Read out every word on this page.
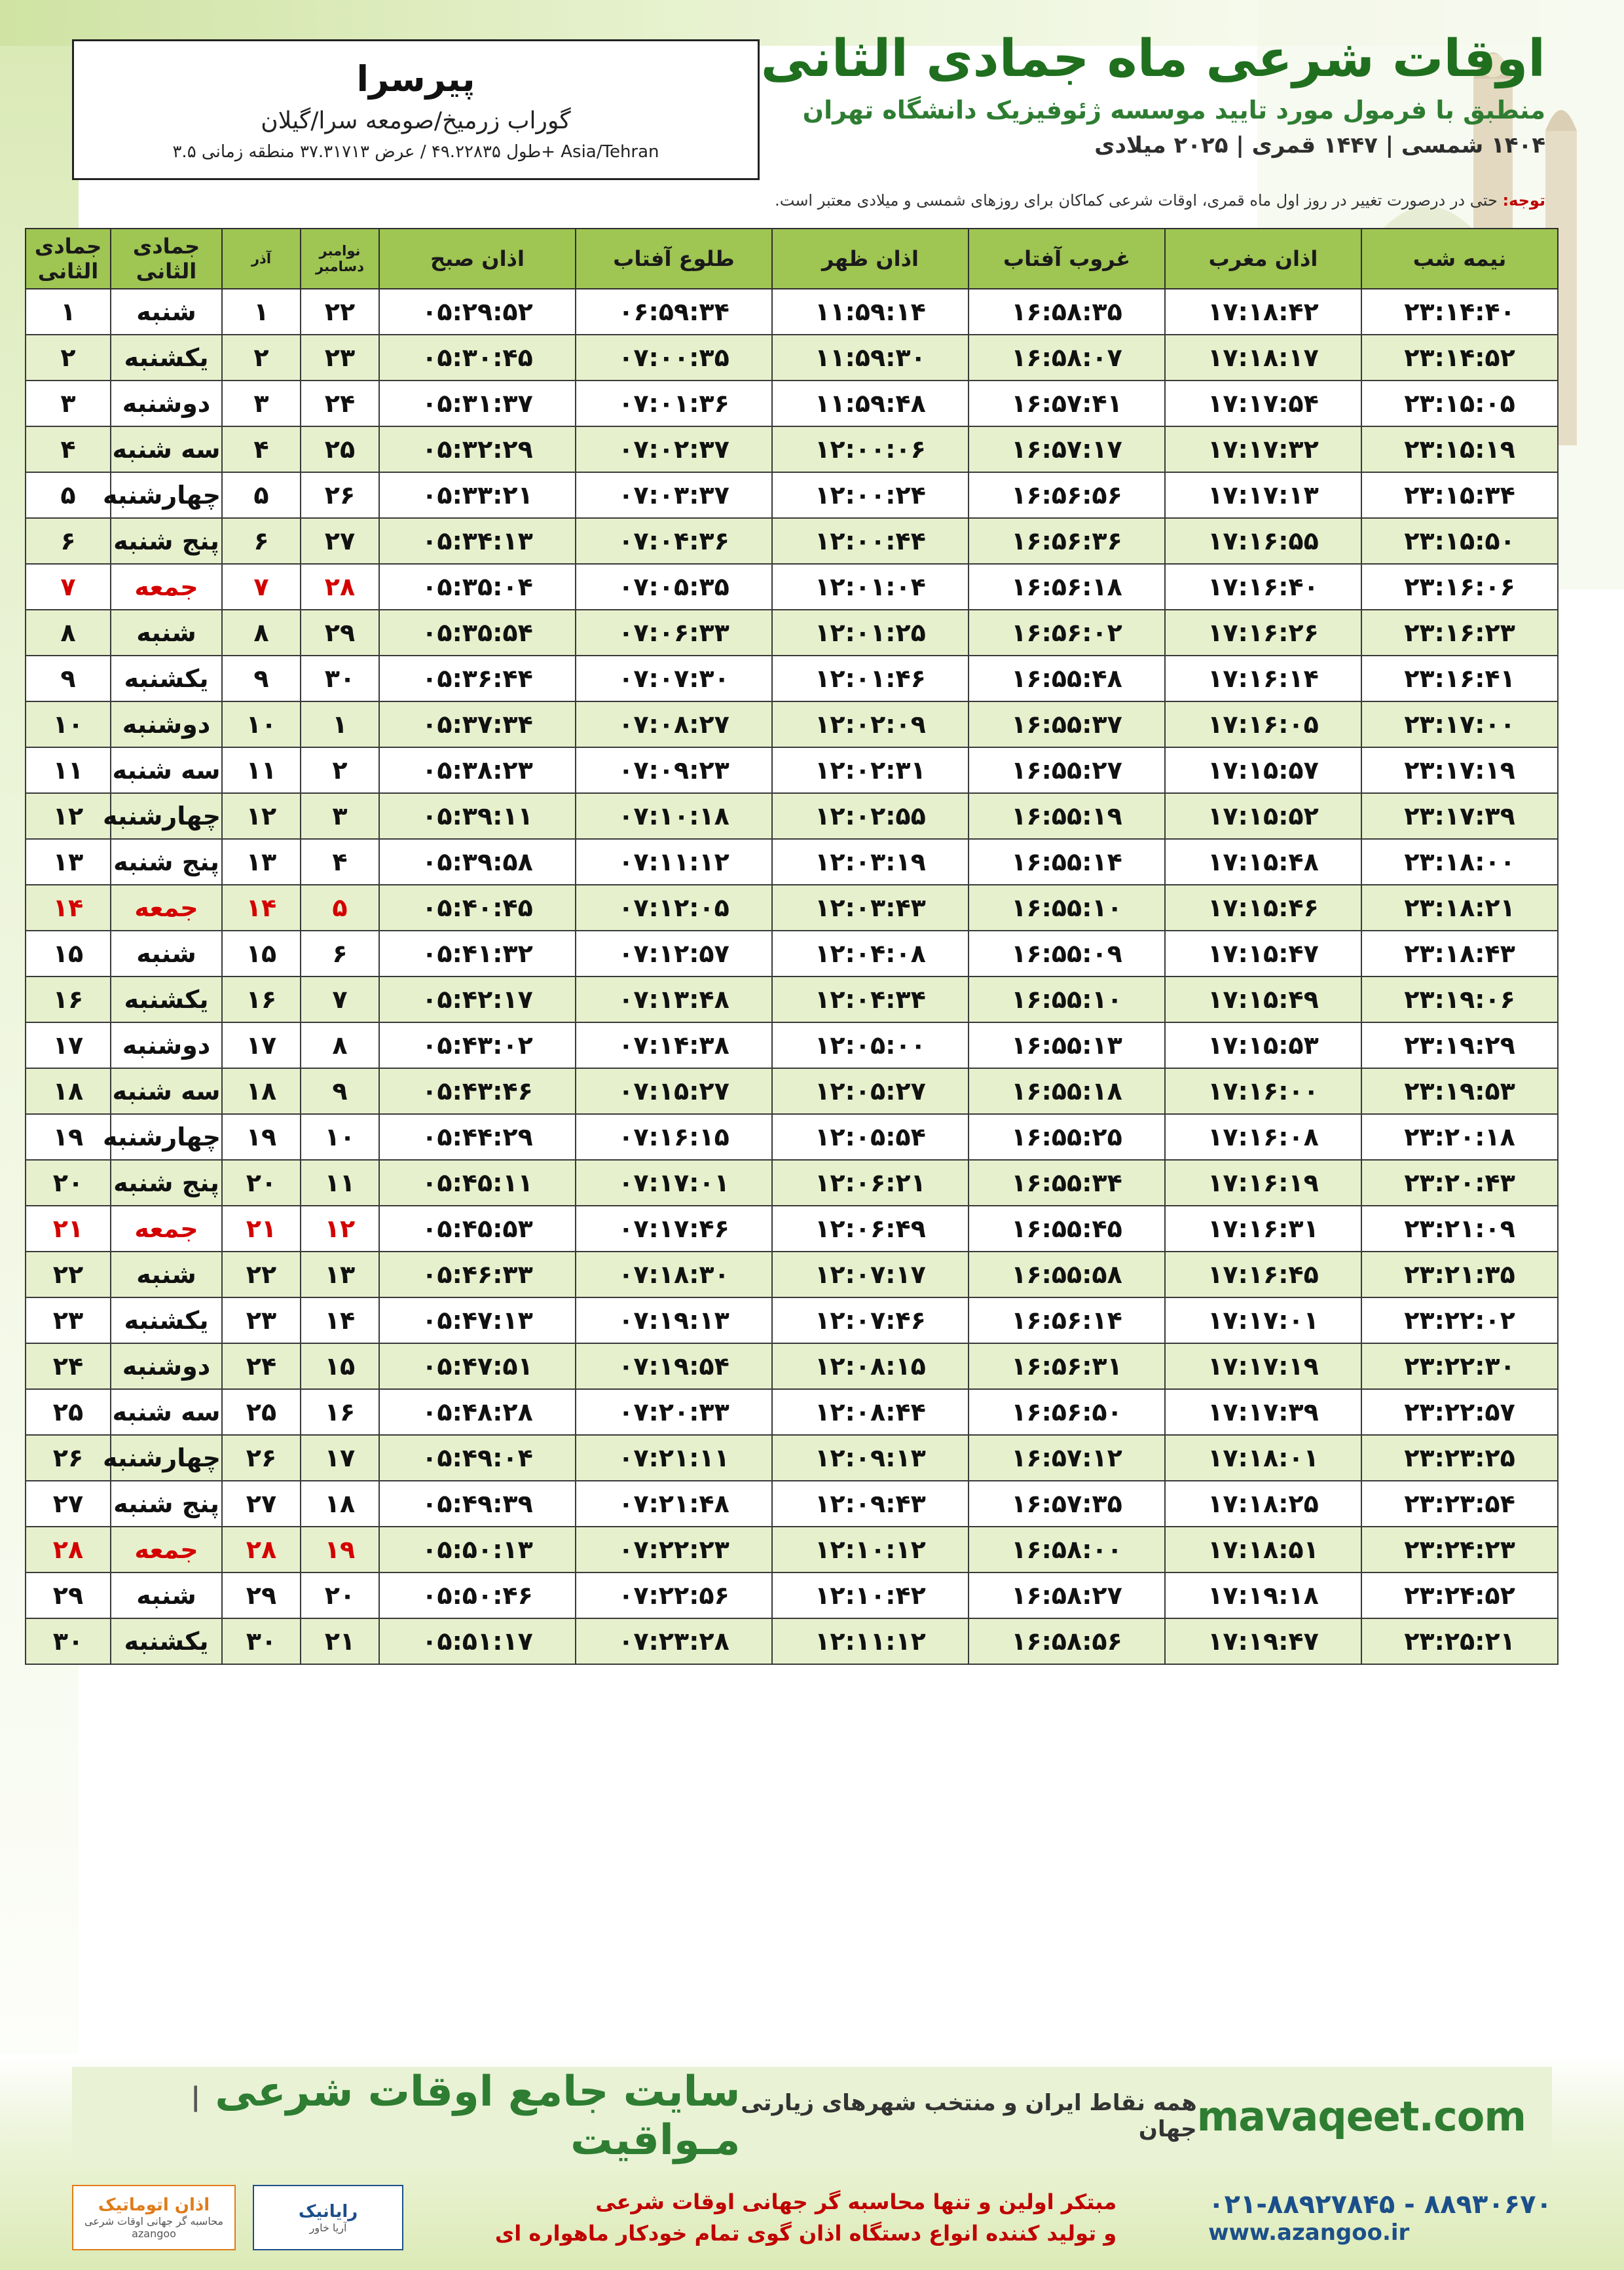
اوقات شرعی ماه جمادی الثانی
منطبق با فرمول مورد تایید موسسه ژئوفیزیک دانشگاه تهران
۱۴۰۴ شمسی | ۱۴۴۷ قمری | ۲۰۲۵ میلادی
پیرسرا
گوراب زرمیخ/صومعه سرا/گیلان
طول ۴۹.۲۲۸۳۵ / عرض ۳۷.۳۱۷۱۳ منطقه زمانی ۳.۵+ Asia/Tehran
توجه: حتی در درصورت تغییر در روز اول ماه قمری، اوقات شرعی کماکان برای روزهای شمسی و میلادی معتبر است.
نیمه شب	اذان مغرب	غروب آفتاب	اذان ظهر	طلوع آفتاب	اذان صبح	نوامبر دسامبر	آذر	جمادی الثانی	جمادی الثانی
۲۳:۱۴:۴۰	۱۷:۱۸:۴۲	۱۶:۵۸:۳۵	۱۱:۵۹:۱۴	۰۶:۵۹:۳۴	۰۵:۲۹:۵۲	۲۲	۱	شنبه	۱
۲۳:۱۴:۵۲	۱۷:۱۸:۱۷	۱۶:۵۸:۰۷	۱۱:۵۹:۳۰	۰۷:۰۰:۳۵	۰۵:۳۰:۴۵	۲۳	۲	یکشنبه	۲
۲۳:۱۵:۰۵	۱۷:۱۷:۵۴	۱۶:۵۷:۴۱	۱۱:۵۹:۴۸	۰۷:۰۱:۳۶	۰۵:۳۱:۳۷	۲۴	۳	دوشنبه	۳
۲۳:۱۵:۱۹	۱۷:۱۷:۳۲	۱۶:۵۷:۱۷	۱۲:۰۰:۰۶	۰۷:۰۲:۳۷	۰۵:۳۲:۲۹	۲۵	۴	سه شنبه	۴
۲۳:۱۵:۳۴	۱۷:۱۷:۱۳	۱۶:۵۶:۵۶	۱۲:۰۰:۲۴	۰۷:۰۳:۳۷	۰۵:۳۳:۲۱	۲۶	۵	چهارشنبه	۵
۲۳:۱۵:۵۰	۱۷:۱۶:۵۵	۱۶:۵۶:۳۶	۱۲:۰۰:۴۴	۰۷:۰۴:۳۶	۰۵:۳۴:۱۳	۲۷	۶	پنج شنبه	۶
۲۳:۱۶:۰۶	۱۷:۱۶:۴۰	۱۶:۵۶:۱۸	۱۲:۰۱:۰۴	۰۷:۰۵:۳۵	۰۵:۳۵:۰۴	۲۸	۷	جمعه	۷
۲۳:۱۶:۲۳	۱۷:۱۶:۲۶	۱۶:۵۶:۰۲	۱۲:۰۱:۲۵	۰۷:۰۶:۳۳	۰۵:۳۵:۵۴	۲۹	۸	شنبه	۸
۲۳:۱۶:۴۱	۱۷:۱۶:۱۴	۱۶:۵۵:۴۸	۱۲:۰۱:۴۶	۰۷:۰۷:۳۰	۰۵:۳۶:۴۴	۳۰	۹	یکشنبه	۹
۲۳:۱۷:۰۰	۱۷:۱۶:۰۵	۱۶:۵۵:۳۷	۱۲:۰۲:۰۹	۰۷:۰۸:۲۷	۰۵:۳۷:۳۴	۱	۱۰	دوشنبه	۱۰
۲۳:۱۷:۱۹	۱۷:۱۵:۵۷	۱۶:۵۵:۲۷	۱۲:۰۲:۳۱	۰۷:۰۹:۲۳	۰۵:۳۸:۲۳	۲	۱۱	سه شنبه	۱۱
۲۳:۱۷:۳۹	۱۷:۱۵:۵۲	۱۶:۵۵:۱۹	۱۲:۰۲:۵۵	۰۷:۱۰:۱۸	۰۵:۳۹:۱۱	۳	۱۲	چهارشنبه	۱۲
۲۳:۱۸:۰۰	۱۷:۱۵:۴۸	۱۶:۵۵:۱۴	۱۲:۰۳:۱۹	۰۷:۱۱:۱۲	۰۵:۳۹:۵۸	۴	۱۳	پنج شنبه	۱۳
۲۳:۱۸:۲۱	۱۷:۱۵:۴۶	۱۶:۵۵:۱۰	۱۲:۰۳:۴۳	۰۷:۱۲:۰۵	۰۵:۴۰:۴۵	۵	۱۴	جمعه	۱۴
۲۳:۱۸:۴۳	۱۷:۱۵:۴۷	۱۶:۵۵:۰۹	۱۲:۰۴:۰۸	۰۷:۱۲:۵۷	۰۵:۴۱:۳۲	۶	۱۵	شنبه	۱۵
۲۳:۱۹:۰۶	۱۷:۱۵:۴۹	۱۶:۵۵:۱۰	۱۲:۰۴:۳۴	۰۷:۱۳:۴۸	۰۵:۴۲:۱۷	۷	۱۶	یکشنبه	۱۶
۲۳:۱۹:۲۹	۱۷:۱۵:۵۳	۱۶:۵۵:۱۳	۱۲:۰۵:۰۰	۰۷:۱۴:۳۸	۰۵:۴۳:۰۲	۸	۱۷	دوشنبه	۱۷
۲۳:۱۹:۵۳	۱۷:۱۶:۰۰	۱۶:۵۵:۱۸	۱۲:۰۵:۲۷	۰۷:۱۵:۲۷	۰۵:۴۳:۴۶	۹	۱۸	سه شنبه	۱۸
۲۳:۲۰:۱۸	۱۷:۱۶:۰۸	۱۶:۵۵:۲۵	۱۲:۰۵:۵۴	۰۷:۱۶:۱۵	۰۵:۴۴:۲۹	۱۰	۱۹	چهارشنبه	۱۹
۲۳:۲۰:۴۳	۱۷:۱۶:۱۹	۱۶:۵۵:۳۴	۱۲:۰۶:۲۱	۰۷:۱۷:۰۱	۰۵:۴۵:۱۱	۱۱	۲۰	پنج شنبه	۲۰
۲۳:۲۱:۰۹	۱۷:۱۶:۳۱	۱۶:۵۵:۴۵	۱۲:۰۶:۴۹	۰۷:۱۷:۴۶	۰۵:۴۵:۵۳	۱۲	۲۱	جمعه	۲۱
۲۳:۲۱:۳۵	۱۷:۱۶:۴۵	۱۶:۵۵:۵۸	۱۲:۰۷:۱۷	۰۷:۱۸:۳۰	۰۵:۴۶:۳۳	۱۳	۲۲	شنبه	۲۲
۲۳:۲۲:۰۲	۱۷:۱۷:۰۱	۱۶:۵۶:۱۴	۱۲:۰۷:۴۶	۰۷:۱۹:۱۳	۰۵:۴۷:۱۳	۱۴	۲۳	یکشنبه	۲۳
۲۳:۲۲:۳۰	۱۷:۱۷:۱۹	۱۶:۵۶:۳۱	۱۲:۰۸:۱۵	۰۷:۱۹:۵۴	۰۵:۴۷:۵۱	۱۵	۲۴	دوشنبه	۲۴
۲۳:۲۲:۵۷	۱۷:۱۷:۳۹	۱۶:۵۶:۵۰	۱۲:۰۸:۴۴	۰۷:۲۰:۳۳	۰۵:۴۸:۲۸	۱۶	۲۵	سه شنبه	۲۵
۲۳:۲۳:۲۵	۱۷:۱۸:۰۱	۱۶:۵۷:۱۲	۱۲:۰۹:۱۳	۰۷:۲۱:۱۱	۰۵:۴۹:۰۴	۱۷	۲۶	چهارشنبه	۲۶
۲۳:۲۳:۵۴	۱۷:۱۸:۲۵	۱۶:۵۷:۳۵	۱۲:۰۹:۴۳	۰۷:۲۱:۴۸	۰۵:۴۹:۳۹	۱۸	۲۷	پنج شنبه	۲۷
۲۳:۲۴:۲۳	۱۷:۱۸:۵۱	۱۶:۵۸:۰۰	۱۲:۱۰:۱۲	۰۷:۲۲:۲۳	۰۵:۵۰:۱۳	۱۹	۲۸	جمعه	۲۸
۲۳:۲۴:۵۲	۱۷:۱۹:۱۸	۱۶:۵۸:۲۷	۱۲:۱۰:۴۲	۰۷:۲۲:۵۶	۰۵:۵۰:۴۶	۲۰	۲۹	شنبه	۲۹
۲۳:۲۵:۲۱	۱۷:۱۹:۴۷	۱۶:۵۸:۵۶	۱۲:۱۱:۱۲	۰۷:۲۳:۲۸	۰۵:۵۱:۱۷	۲۱	۳۰	یکشنبه	۳۰
mavaqeet.com
همه نقاط ایران و منتخب شهرهای زیارتی جهان
سایت جامع اوقات شرعی | مـواقیت
۰۲۱-۸۸۹۲۷۸۴۵ - ۸۸۹۳۰۶۷۰
www.azangoo.ir
مبتکر اولین و تنها محاسبه گر جهانی اوقات شرعی
و تولید کننده انواع دستگاه اذان گوی تمام خودکار ماهواره ای
رایانیک
آریا خاور
اذان اتوماتیک
محاسبه گر جهانی اوقات شرعی
azangoo
